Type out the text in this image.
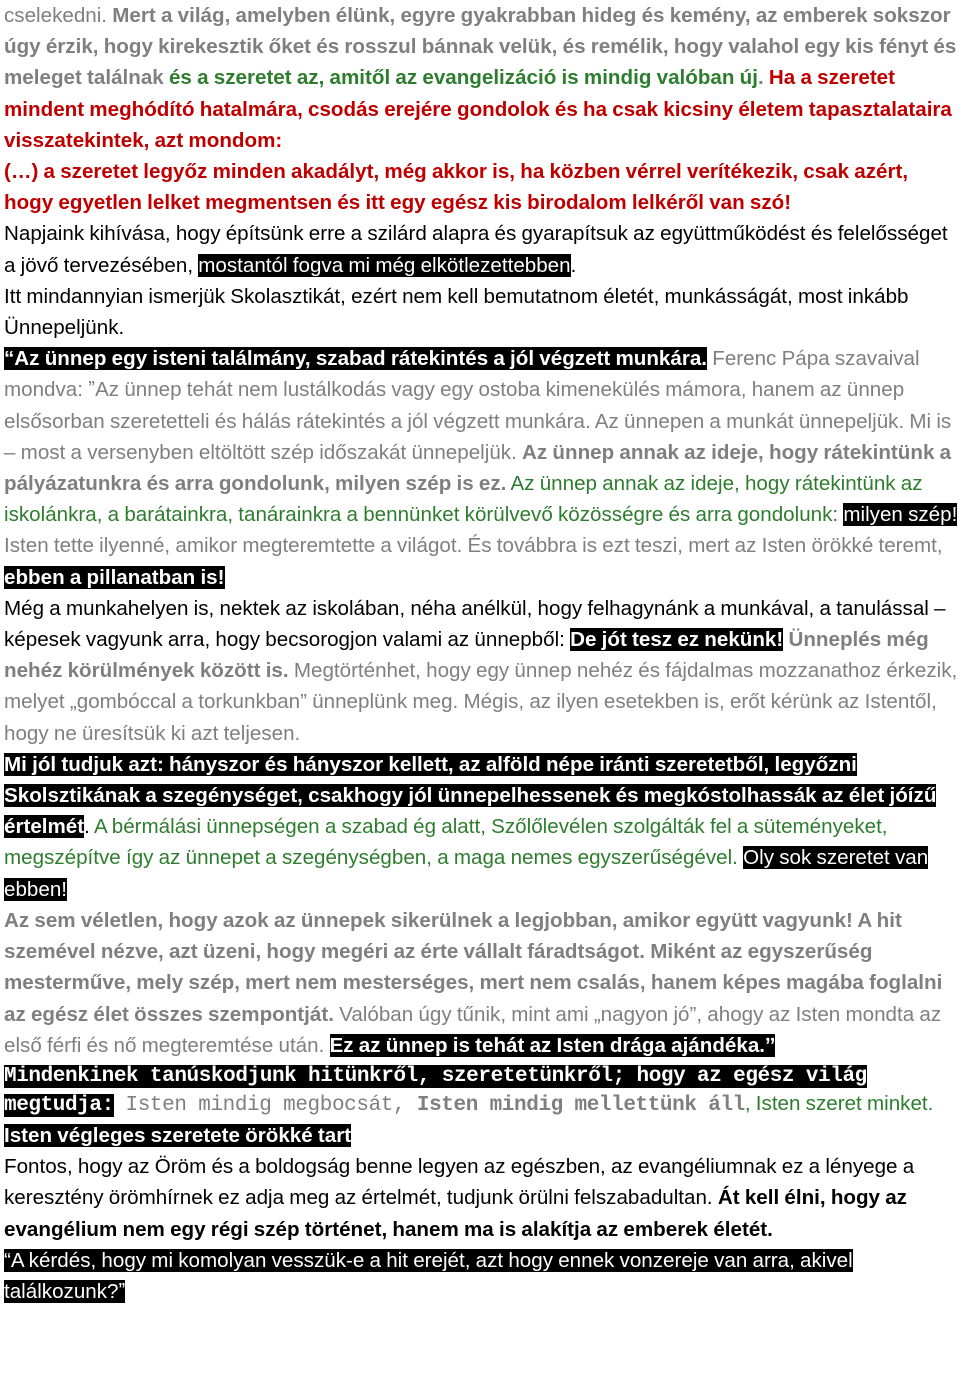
cselekedni. Mert a világ, amelyben élünk, egyre gyakrabban hideg és kemény, az emberek sokszor úgy érzik, hogy kirekesztik őket és rosszul bánnak velük, és remélik, hogy valahol egy kis fényt és meleget találnak és a szeretet az, amitől az evangelizáció is mindig valóban új. Ha a szeretet mindent meghódító hatalmára, csodás erejére gondolok és ha csak kicsiny életem tapasztalataira visszatekintek, azt mondom:

(…) a szeretet legyőz minden akadályt, még akkor is, ha közben vérrel verítékezik, csak azért, hogy egyetlen lelket megmentsen és itt egy egész kis birodalom lelkéről van szó!

Napjaink kihívása, hogy építsünk erre a szilárd alapra és gyarapítsuk az együttműködést és felelősséget a jövő tervezésében, mostantól fogva mi még elkötlezettebben.

Itt mindannyian ismerjük Skolasztikát, ezért nem kell bemutatnom életét, munkásságát, most inkább Ünnepeljünk.

“Az ünnep egy isteni találmány, szabad rátekintés a jól végzett munkára. Ferenc Pápa szavaival mondva: ˮAz ünnep tehát nem lustálkodás vagy egy ostoba kimenekülés mámora, hanem az ünnep elsősorban szeretetteli és hálás rátekintés a jól végzett munkára. Az ünnepen a munkát ünnepeljük. Mi is – most a versenyben eltöltött szép időszakát ünnepeljük. Az ünnep annak az ideje, hogy rátekintünk a pályázatunkra és arra gondolunk, milyen szép is ez. Az ünnep annak az ideje, hogy rátekintünk az iskolánkra, a barátainkra, tanárainkra a bennünket körülvevő közösségre és arra gondolunk: milyen szép! Isten tette ilyenné, amikor megteremtette a világot. És továbbra is ezt teszi, mert az Isten örökké teremt, ebben a pillanatban is!

Még a munkahelyen is, nektek az iskolában, néha anélkül, hogy felhagynánk a munkával, a tanulással – képesek vagyunk arra, hogy becsorogjon valami az ünnepből: De jót tesz ez nekünk! Ünneplés még nehéz körülmények között is. Megtörténhet, hogy egy ünnep nehéz és fájdalmas mozzanathoz érkezik, melyet „gombóccal a torkunkban” ünneplünk meg. Mégis, az ilyen esetekben is, erőt kérünk az Istentől, hogy ne üresítsük ki azt teljesen.

Mi jól tudjuk azt: hányszor és hányszor kellett, az alföld népe iránti szeretetből, legyőzni Skolsztikának a szegénységet, csakhogy jól ünnepelhessenek és megkóstolhassák az élet jóízű értelmét. A bérmálási ünnepségen a szabad ég alatt, Szőlőlevélen szolgálták fel a süteményeket, megszépítve így az ünnepet a szegénységben, a maga nemes egyszerűségével. Oly sok szeretet van ebben!

Az sem véletlen, hogy azok az ünnepek sikerülnek a legjobban, amikor együtt vagyunk! A hit szemével nézve, azt üzeni, hogy megéri az érte vállalt fáradtságot. Miként az egyszerűség mesterműve, mely szép, mert nem mesterséges, mert nem csalás, hanem képes magába foglalni az egész élet összes szempontját. Valóban úgy tűnik, mint ami „nagyon jó”, ahogy az Isten mondta az első férfi és nő megteremtése után. Ez az ünnep is tehát az Isten drága ajándéka.ˮ

Mindenkinek tanúskodjunk hitünkről, szeretetünkről; hogy az egész világ megtudja: Isten mindig megbocsát, Isten mindig mellettünk áll, Isten szeret minket.

Isten végleges szeretete örökké tart

Fontos, hogy az Öröm és a boldogság benne legyen az egészben, az evangéliumnak ez a lényege a keresztény örömhírnek ez adja meg az értelmét, tudjunk örülni felszabadultan. Át kell élni, hogy az evangélium nem egy régi szép történet, hanem ma is alakítja az emberek életét.

“A kérdés, hogy mi komolyan vesszük-e a hit erejét, azt hogy ennek vonzereje van arra, akivel találkozunk?ˮ
